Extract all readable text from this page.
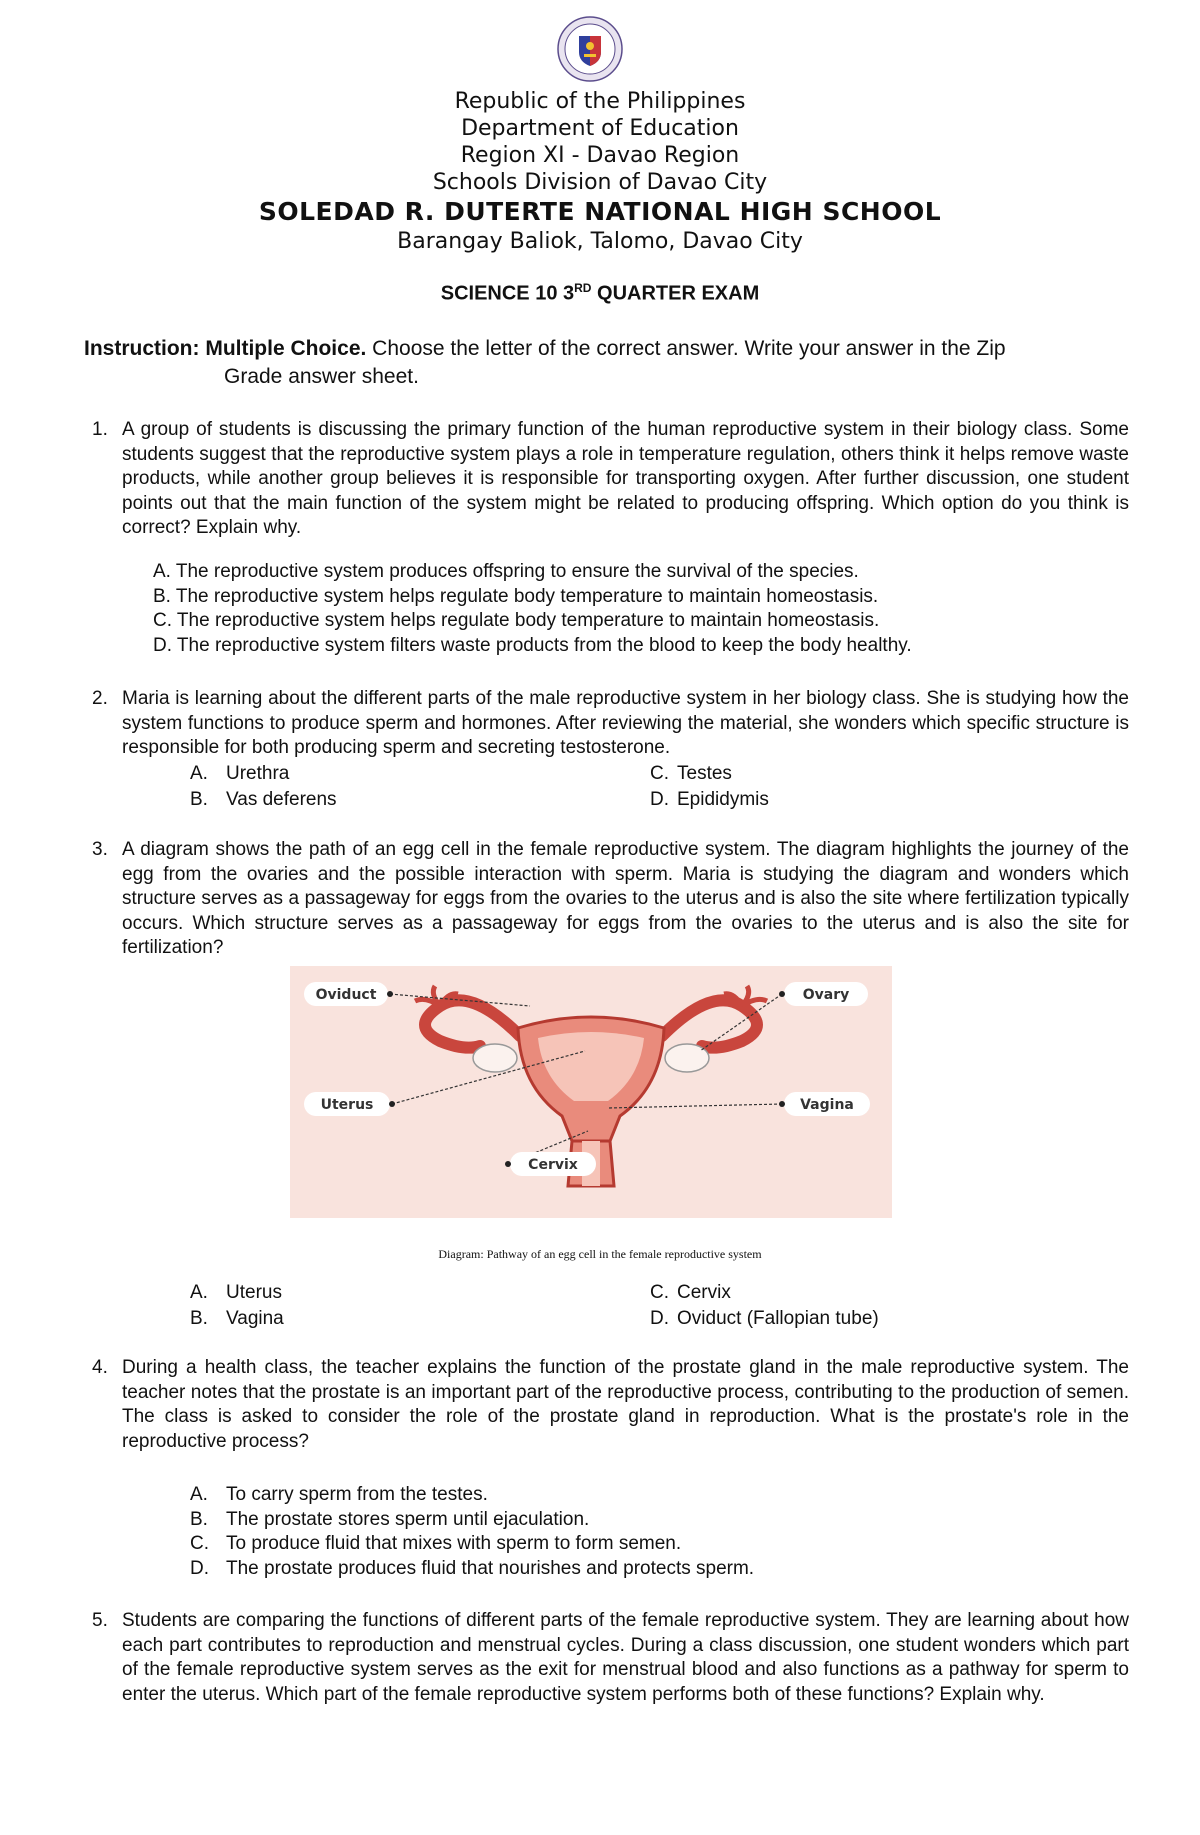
Republic of the Philippines
Department of Education
Region XI - Davao Region
Schools Division of Davao City
SOLEDAD R. DUTERTE NATIONAL HIGH SCHOOL
Barangay Baliok, Talomo, Davao City
SCIENCE 10 3RD QUARTER EXAM
Instruction: Multiple Choice. Choose the letter of the correct answer. Write your answer in the Zip
Grade answer sheet.
1. A group of students is discussing the primary function of the human reproductive system in their biology class. Some students suggest that the reproductive system plays a role in temperature regulation, others think it helps remove waste products, while another group believes it is responsible for transporting oxygen. After further discussion, one student points out that the main function of the system might be related to producing offspring. Which option do you think is correct? Explain why.
A. The reproductive system produces offspring to ensure the survival of the species.
B. The reproductive system helps regulate body temperature to maintain homeostasis.
C. The reproductive system helps regulate body temperature to maintain homeostasis.
D. The reproductive system filters waste products from the blood to keep the body healthy.
2. Maria is learning about the different parts of the male reproductive system in her biology class. She is studying how the system functions to produce sperm and hormones. After reviewing the material, she wonders which specific structure is responsible for both producing sperm and secreting testosterone.
A. Urethra	C. Testes
B. Vas deferens	D. Epididymis
3. A diagram shows the path of an egg cell in the female reproductive system. The diagram highlights the journey of the egg from the ovaries and the possible interaction with sperm. Maria is studying the diagram and wonders which structure serves as a passageway for eggs from the ovaries to the uterus and is also the site where fertilization typically occurs. Which structure serves as a passageway for eggs from the ovaries to the uterus and is also the site for fertilization?
Oviduct	Ovary
Uterus	Vagina
Cervix
Diagram: Pathway of an egg cell in the female reproductive system
A. Uterus	C. Cervix
B. Vagina	D. Oviduct (Fallopian tube)
4. During a health class, the teacher explains the function of the prostate gland in the male reproductive system. The teacher notes that the prostate is an important part of the reproductive process, contributing to the production of semen. The class is asked to consider the role of the prostate gland in reproduction. What is the prostate's role in the reproductive process?
A. To carry sperm from the testes.
B. The prostate stores sperm until ejaculation.
C. To produce fluid that mixes with sperm to form semen.
D. The prostate produces fluid that nourishes and protects sperm.
5. Students are comparing the functions of different parts of the female reproductive system. They are learning about how each part contributes to reproduction and menstrual cycles. During a class discussion, one student wonders which part of the female reproductive system serves as the exit for menstrual blood and also functions as a pathway for sperm to enter the uterus. Which part of the female reproductive system performs both of these functions? Explain why.
